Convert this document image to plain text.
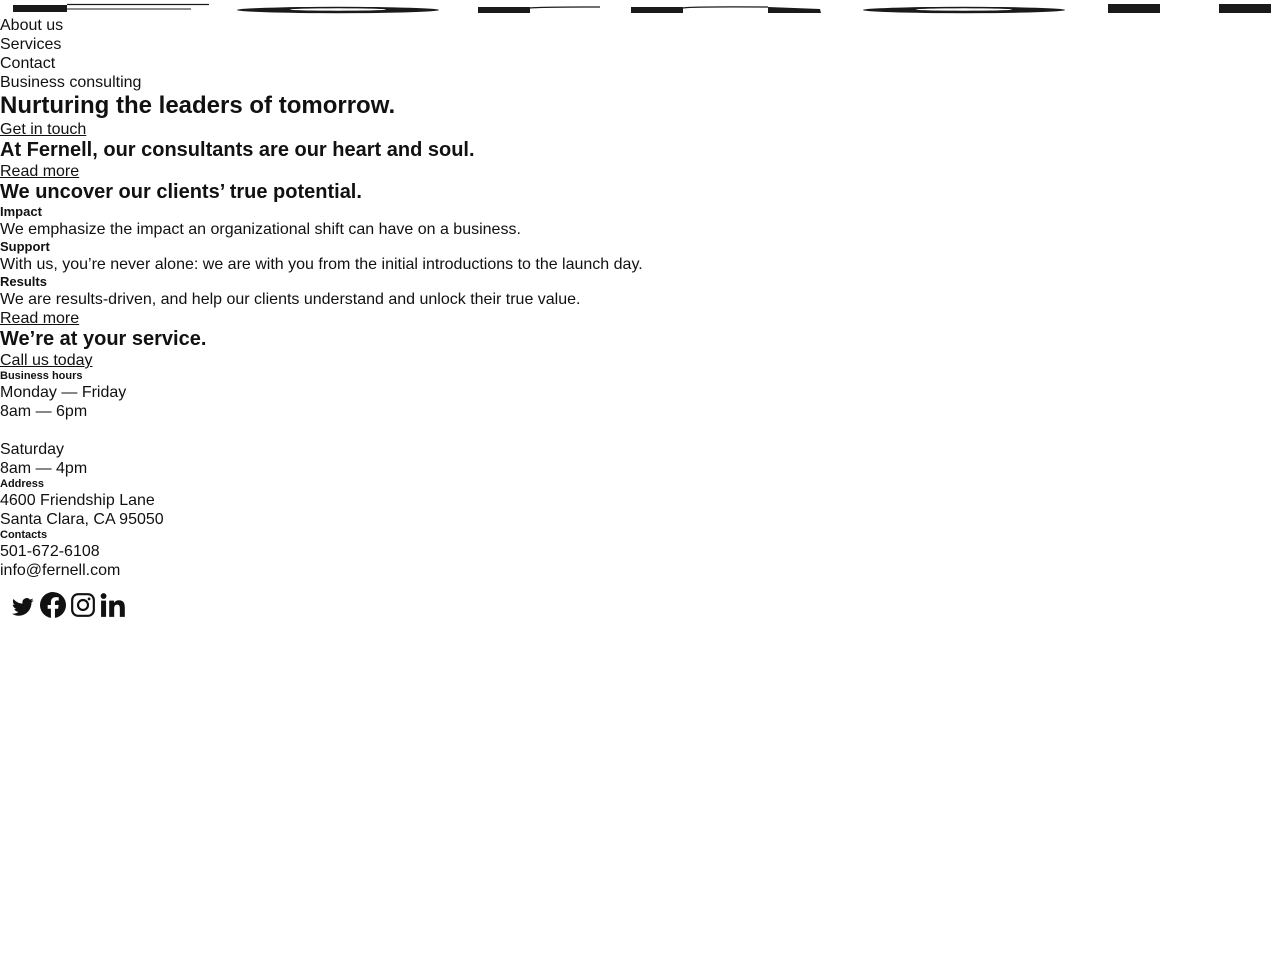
About us
Services
Contact
Business consulting
Nurturing the leaders of tomorrow.
Get in touch
At Fernell, our consultants are our heart and soul.
Read more
We uncover our clients’ true potential.
Impact

We emphasize the impact an organizational shift can have on a business.

Support

With us, you’re never alone: we are with you from the initial introductions to the launch day.

Results

We are results-driven, and help our clients understand and unlock their true value.

Read more
We’re at your service.
Call us today
Business hours
Monday — Friday
8am — 6pm
Saturday
8am — 4pm
Address
4600 Friendship Lane
Santa Clara, CA 95050
Contacts
501-672-6108
info@fernell.com
